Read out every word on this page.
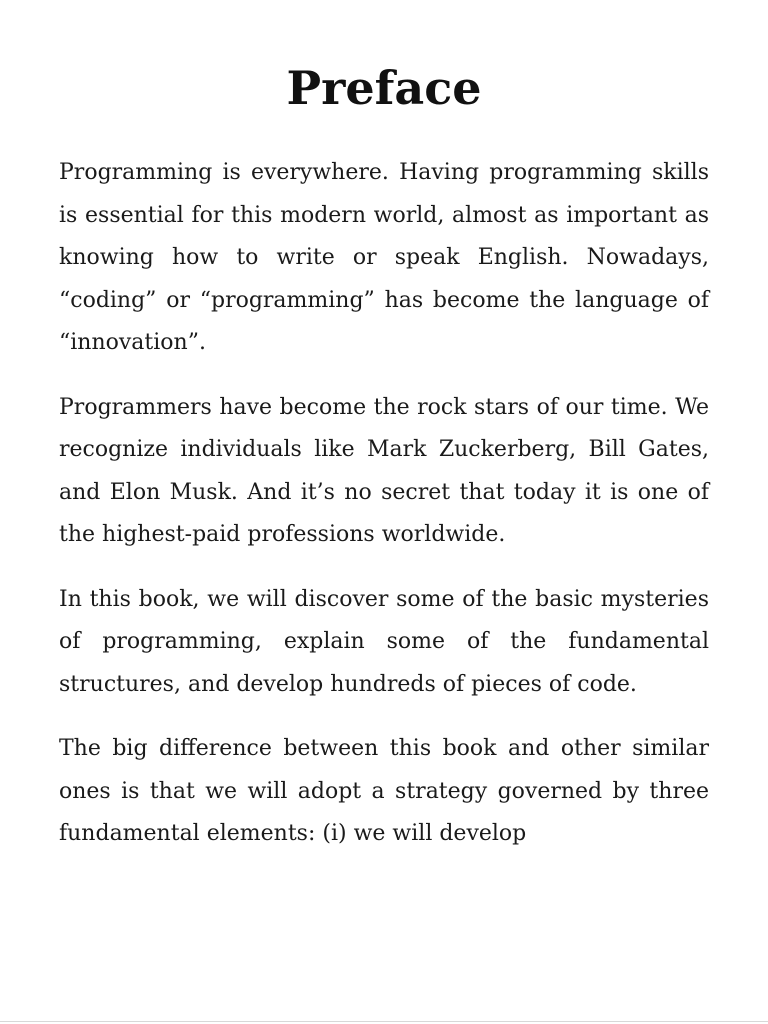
Preface

Programming is everywhere. Having programming skills is essential for this modern world, almost as important as knowing how to write or speak English. Nowadays, “coding” or “programming” has become the language of “innovation”.

Programmers have become the rock stars of our time. We recognize individuals like Mark Zuckerberg, Bill Gates, and Elon Musk. And it’s no secret that today it is one of the highest-paid professions worldwide.

In this book, we will discover some of the basic mysteries of programming, explain some of the fundamental structures, and develop hundreds of pieces of code.

The big difference between this book and other similar ones is that we will adopt a strategy governed by three fundamental elements: (i) we will develop
